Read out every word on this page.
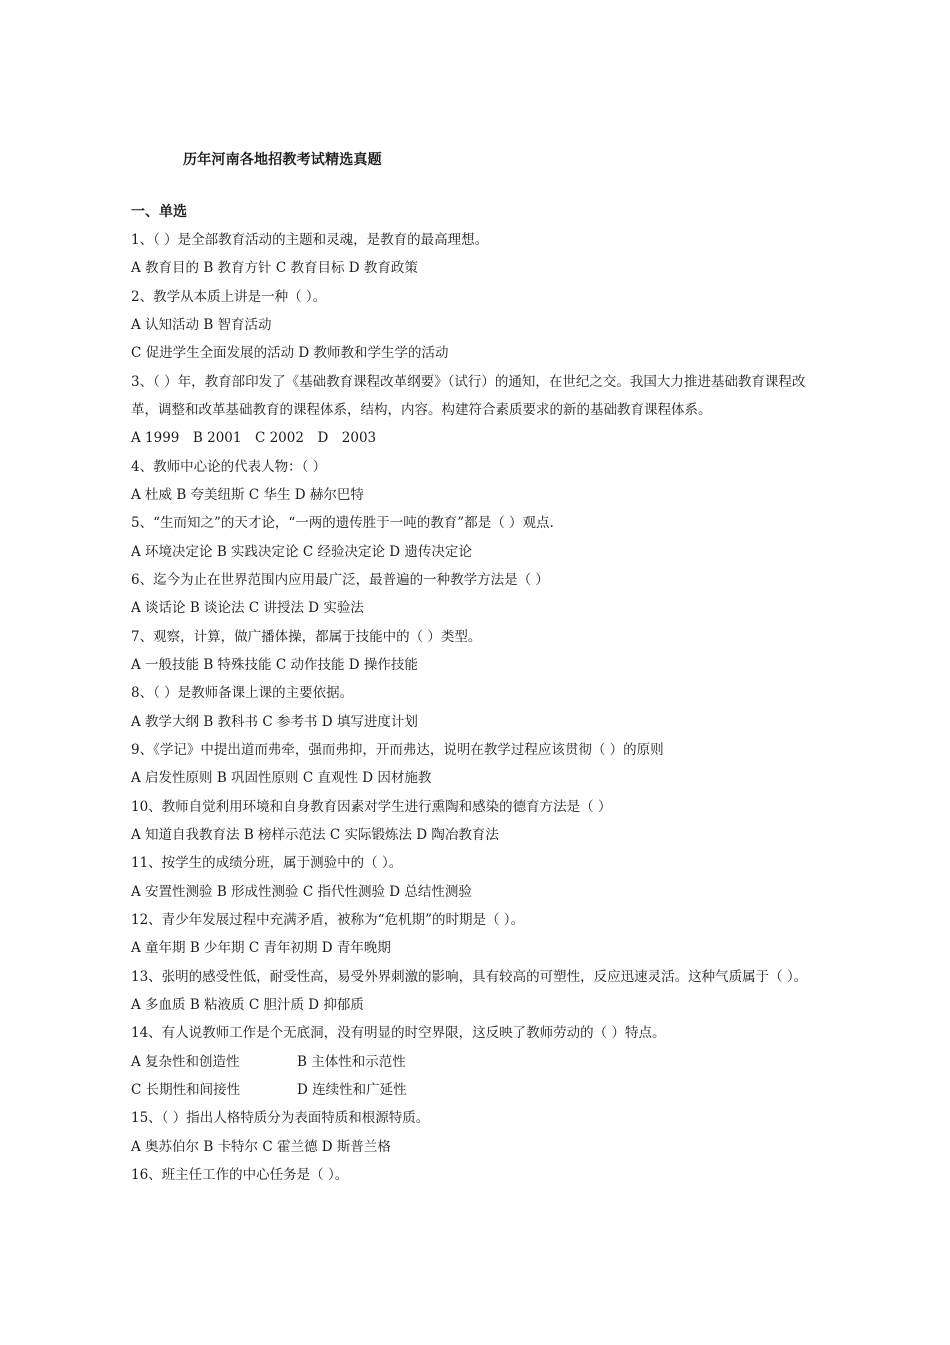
历年河南各地招教考试精选真题
一、单选
1、（ ）是全部教育活动的主题和灵魂，是教育的最高理想。
A 教育目的 B 教育方针 C 教育目标 D 教育政策
2、教学从本质上讲是一种（ ）。
A 认知活动 B 智育活动
C 促进学生全面发展的活动 D 教师教和学生学的活动
3、（ ）年，教育部印发了《基础教育课程改革纲要》（试行）的通知，在世纪之交。我国大力推进基础教育课程改
革，调整和改革基础教育的课程体系，结构，内容。构建符合素质要求的新的基础教育课程体系。
A 1999　B 2001　C 2002　D　2003
4、教师中心论的代表人物：（ ）
A 杜威 B 夸美纽斯 C 华生 D 赫尔巴特
5、“生而知之”的天才论，“一两的遗传胜于一吨的教育”都是（ ）观点.
A 环境决定论 B 实践决定论 C 经验决定论 D 遗传决定论
6、迄今为止在世界范围内应用最广泛，最普遍的一种教学方法是（ ）
A 谈话论 B 谈论法 C 讲授法 D 实验法
7、观察，计算，做广播体操，都属于技能中的（ ）类型。
A 一般技能 B 特殊技能 C 动作技能 D 操作技能
8、（ ）是教师备课上课的主要依据。
A 教学大纲 B 教科书 C 参考书 D 填写进度计划
9、《学记》中提出道而弗牵，强而弗抑，开而弗达，说明在教学过程应该贯彻（ ）的原则
A 启发性原则 B 巩固性原则 C 直观性 D 因材施教
10、教师自觉利用环境和自身教育因素对学生进行熏陶和感染的德育方法是（ ）
A 知道自我教育法 B 榜样示范法 C 实际锻炼法 D 陶冶教育法
11、按学生的成绩分班，属于测验中的（ ）。
A 安置性测验 B 形成性测验 C 指代性测验 D 总结性测验
12、青少年发展过程中充满矛盾，被称为“危机期”的时期是（ ）。
A 童年期 B 少年期 C 青年初期 D 青年晚期
13、张明的感受性低，耐受性高，易受外界刺激的影响，具有较高的可塑性，反应迅速灵活。这种气质属于（ ）。
A 多血质 B 粘液质 C 胆汁质 D 抑郁质
14、有人说教师工作是个无底洞，没有明显的时空界限，这反映了教师劳动的（ ）特点。
A 复杂性和创造性	B 主体性和示范性
C 长期性和间接性	D 连续性和广延性
15、（ ）指出人格特质分为表面特质和根源特质。
A 奥苏伯尔 B 卡特尔 C 霍兰德 D 斯普兰格
16、班主任工作的中心任务是（ ）。
